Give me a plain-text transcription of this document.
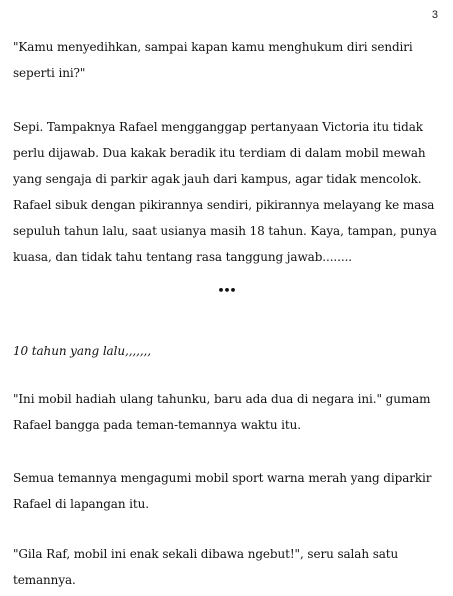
3

"Kamu menyedihkan, sampai kapan kamu menghukum diri sendiri
seperti ini?"

Sepi. Tampaknya Rafael mengganggap pertanyaan Victoria itu tidak
perlu dijawab. Dua kakak beradik itu terdiam di dalam mobil mewah
yang sengaja di parkir agak jauh dari kampus, agar tidak mencolok.
Rafael sibuk dengan pikirannya sendiri, pikirannya melayang ke masa
sepuluh tahun lalu, saat usianya masih 18 tahun. Kaya, tampan, punya
kuasa, dan tidak tahu tentang rasa tanggung jawab........

•••

10 tahun yang lalu,,,,,,,

"Ini mobil hadiah ulang tahunku, baru ada dua di negara ini." gumam
Rafael bangga pada teman-temannya waktu itu.

Semua temannya mengagumi mobil sport warna merah yang diparkir
Rafael di lapangan itu.

"Gila Raf, mobil ini enak sekali dibawa ngebut!", seru salah satu
temannya.
